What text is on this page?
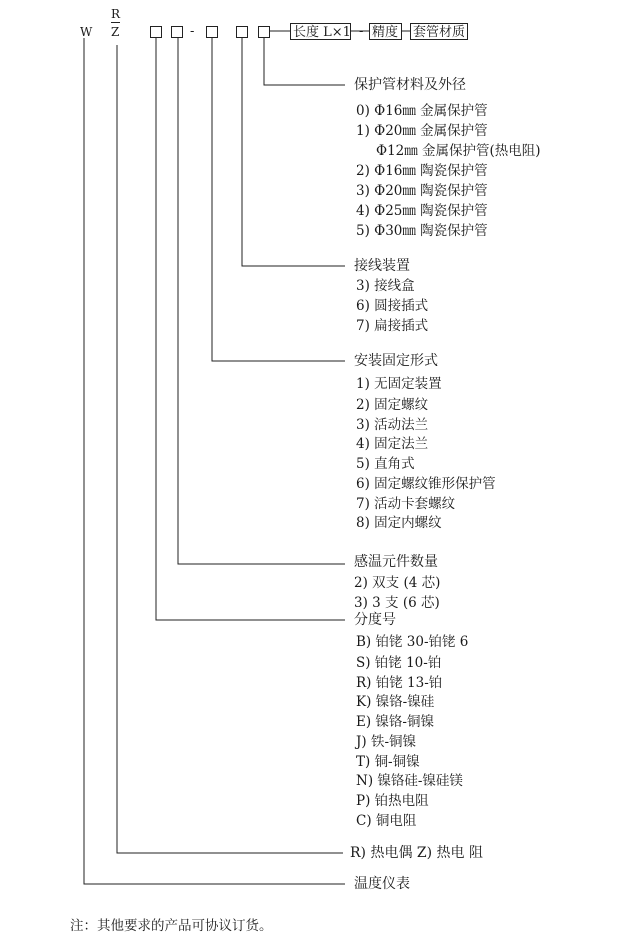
W
R
Z	-	长度 L×1 - 精度	套管材质
保护管材料及外径
0) Φ16㎜ 金属保护管
1) Φ20㎜ 金属保护管
Φ12㎜ 金属保护管(热电阻)
2) Φ16㎜ 陶瓷保护管
3) Φ20㎜ 陶瓷保护管
4) Φ25㎜ 陶瓷保护管
5) Φ30㎜ 陶瓷保护管
接线装置
3) 接线盒
6) 圆接插式
7) 扁接插式
安装固定形式
1) 无固定装置
2) 固定螺纹
3) 活动法兰
4) 固定法兰
5) 直角式
6) 固定螺纹锥形保护管
7) 活动卡套螺纹
8) 固定内螺纹
感温元件数量
2) 双支 (4 芯)
3) 3 支 (6 芯)
分度号
B) 铂铑 30-铂铑 6
S) 铂铑 10-铂
R) 铂铑 13-铂
K) 镍铬-镍硅
E) 镍铬-铜镍
J) 铁-铜镍
T) 铜-铜镍
N) 镍铬硅-镍硅镁
P) 铂热电阻
C) 铜电阻
R) 热电偶 Z) 热电 阻
温度仪表
注：其他要求的产品可协议订货。
